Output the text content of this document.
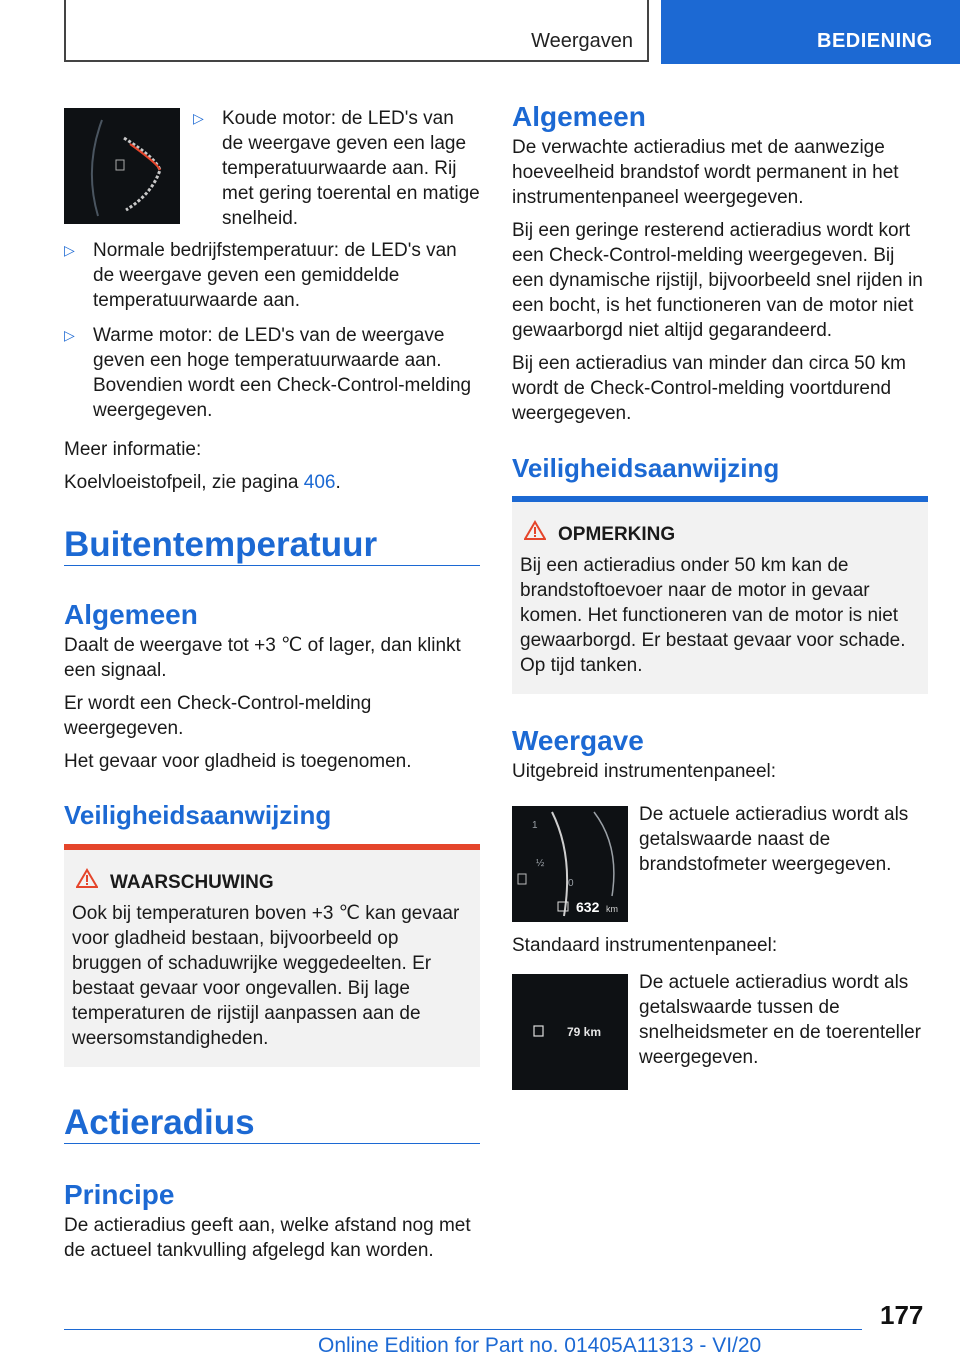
Weergaven	BEDIENING
▷ Koude motor: de LED's van de weergave geven een lage temperatuurwaarde aan. Rij met gering toerental en matige snelheid.
▷ Normale bedrijfstemperatuur: de LED's van de weergave geven een gemiddelde temperatuurwaarde aan.
▷ Warme motor: de LED's van de weergave geven een hoge temperatuurwaarde aan. Bovendien wordt een Check-Control-melding weergegeven.

Meer informatie:

Koelvloeistofpeil, zie pagina 406.

Buitentemperatuur
Algemeen

Daalt de weergave tot +3 ℃ of lager, dan klinkt een signaal.

Er wordt een Check-Control-melding weergegeven.

Het gevaar voor gladheid is toegenomen.

Veiligheidsaanwijzing
WAARSCHUWING
Ook bij temperaturen boven +3 ℃ kan gevaar voor gladheid bestaan, bijvoorbeeld op bruggen of schaduwrijke weggedeelten. Er bestaat gevaar voor ongevallen. Bij lage temperaturen de rijstijl aanpassen aan de weersomstandigheden.
Actieradius
Principe

De actieradius geeft aan, welke afstand nog met de actueel tankvulling afgelegd kan worden.

Algemeen

De verwachte actieradius met de aanwezige hoeveelheid brandstof wordt permanent in het instrumentenpaneel weergegeven.

Bij een geringe resterend actieradius wordt kort een Check-Control-melding weergegeven. Bij een dynamische rijstijl, bijvoorbeeld snel rijden in een bocht, is het functioneren van de motor niet gewaarborgd niet altijd gegarandeerd.

Bij een actieradius van minder dan circa 50 km wordt de Check-Control-melding voortdurend weergegeven.

Veiligheidsaanwijzing
OPMERKING
Bij een actieradius onder 50 km kan de brandstoftoevoer naar de motor in gevaar komen. Het functioneren van de motor is niet gewaarborgd. Er bestaat gevaar voor schade. Op tijd tanken.
Weergave

Uitgebreid instrumentenpaneel:

1
½
0
632 km

De actuele actieradius wordt als getalswaarde naast de brandstofmeter weergegeven.

Standaard instrumentenpaneel:

79 km

De actuele actieradius wordt als getalswaarde tussen de snelheidsmeter en de toerenteller weergegeven.

177
Online Edition for Part no. 01405A11313 - VI/20
